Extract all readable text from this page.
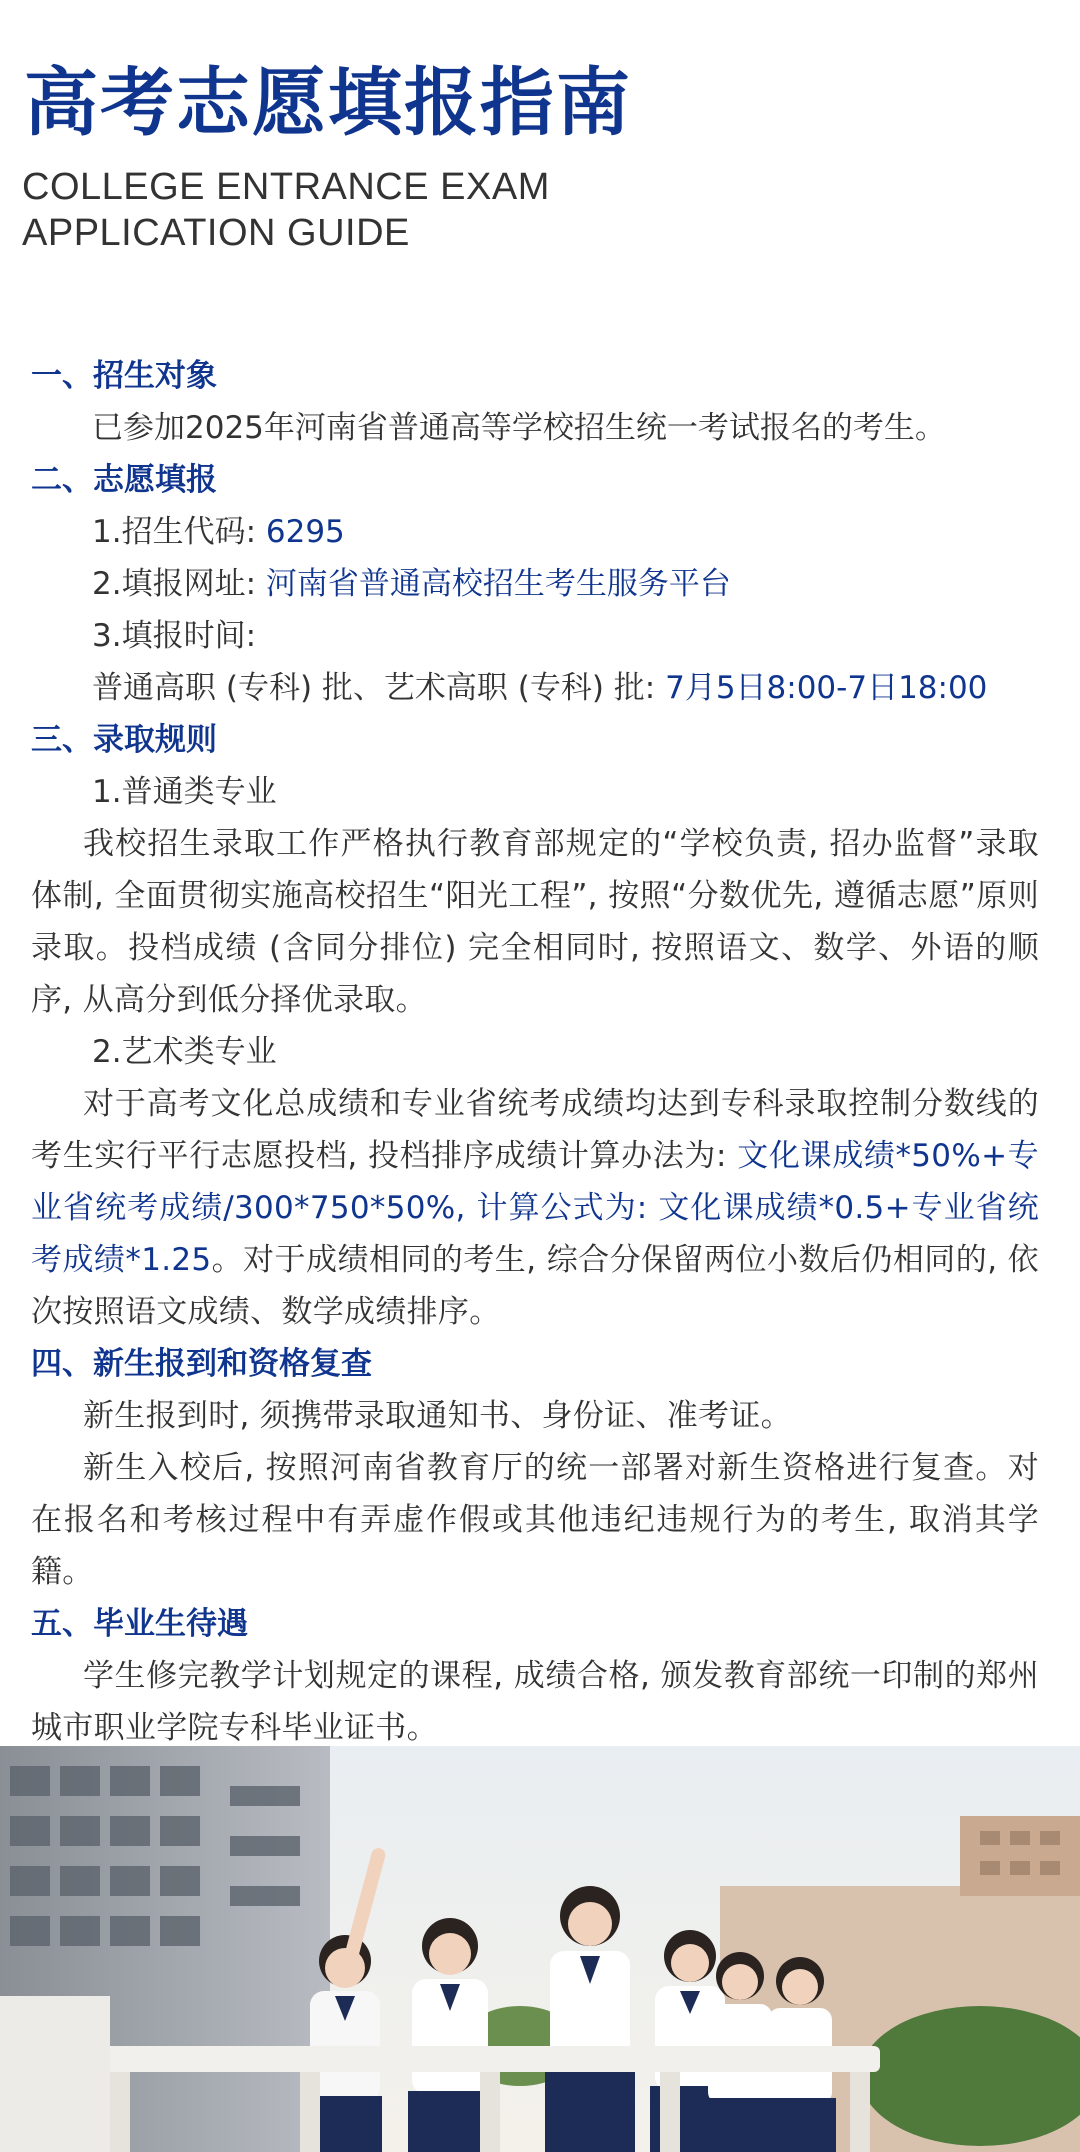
高考志愿填报指南
COLLEGE ENTRANCE EXAM
APPLICATION GUIDE
一、招生对象
已参加2025年河南省普通高等学校招生统一考试报名的考生。
二、志愿填报
1.招生代码: 6295
2.填报网址: 河南省普通高校招生考生服务平台
3.填报时间:
普通高职 (专科) 批、艺术高职 (专科) 批: 7月5日8:00-7日18:00
三、录取规则
1.普通类专业

我校招生录取工作严格执行教育部规定的“学校负责, 招办监督”录取体制, 全面贯彻实施高校招生“阳光工程”, 按照“分数优先, 遵循志愿”原则录取。投档成绩 (含同分排位) 完全相同时, 按照语文、数学、外语的顺序, 从高分到低分择优录取。

2.艺术类专业

对于高考文化总成绩和专业省统考成绩均达到专科录取控制分数线的考生实行平行志愿投档, 投档排序成绩计算办法为: 文化课成绩*50%+专业省统考成绩/300*750*50%, 计算公式为: 文化课成绩*0.5+专业省统考成绩*1.25。对于成绩相同的考生, 综合分保留两位小数后仍相同的, 依次按照语文成绩、数学成绩排序。

四、新生报到和资格复查

新生报到时, 须携带录取通知书、身份证、准考证。

新生入校后, 按照河南省教育厅的统一部署对新生资格进行复查。对在报名和考核过程中有弄虚作假或其他违纪违规行为的考生, 取消其学籍。

五、毕业生待遇

学生修完教学计划规定的课程, 成绩合格, 颁发教育部统一印制的郑州城市职业学院专科毕业证书。
